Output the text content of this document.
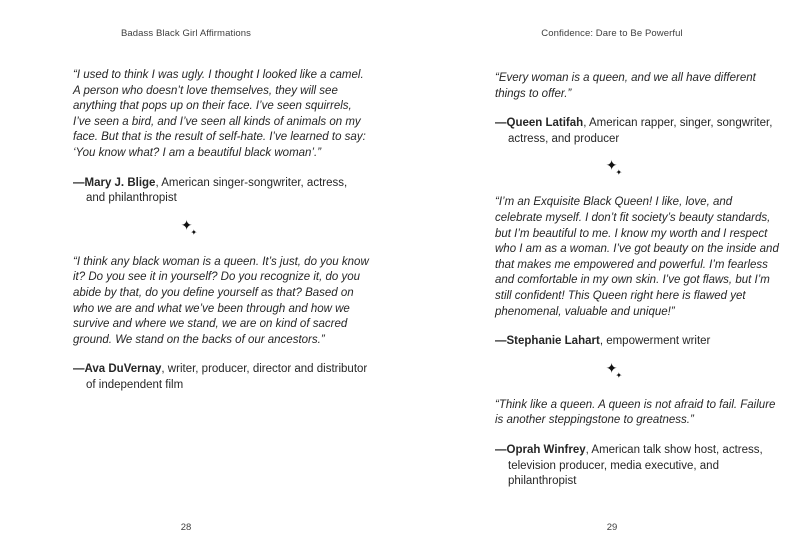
Badass Black Girl Affirmations

“I used to think I was ugly. I thought I looked like a camel. A person who doesn’t love themselves, they will see anything that pops up on their face. I’ve seen squirrels, I’ve seen a bird, and I’ve seen all kinds of animals on my face. But that is the result of self-hate. I’ve learned to say: ‘You know what? I am a beautiful black woman’.”

—Mary J. Blige, American singer-songwriter, actress, and philanthropist

✦✦

“I think any black woman is a queen. It’s just, do you know it? Do you see it in yourself? Do you recognize it, do you abide by that, do you define yourself as that? Based on who we are and what we’ve been through and how we survive and where we stand, we are on kind of sacred ground. We stand on the backs of our ancestors.”

—Ava DuVernay, writer, producer, director and distributor of independent film

28
Confidence: Dare to Be Powerful

“Every woman is a queen, and we all have different things to offer.”

—Queen Latifah, American rapper, singer, songwriter, actress, and producer

✦✦

“I’m an Exquisite Black Queen! I like, love, and celebrate myself. I don’t fit society’s beauty standards, but I’m beautiful to me. I know my worth and I respect who I am as a woman. I’ve got beauty on the inside and that makes me empowered and powerful. I’m fearless and comfortable in my own skin. I’ve got flaws, but I’m still confident! This Queen right here is flawed yet phenomenal, valuable and unique!”

—Stephanie Lahart, empowerment writer

✦✦

“Think like a queen. A queen is not afraid to fail. Failure is another steppingstone to greatness.”

—Oprah Winfrey, American talk show host, actress, television producer, media executive, and philanthropist

29
